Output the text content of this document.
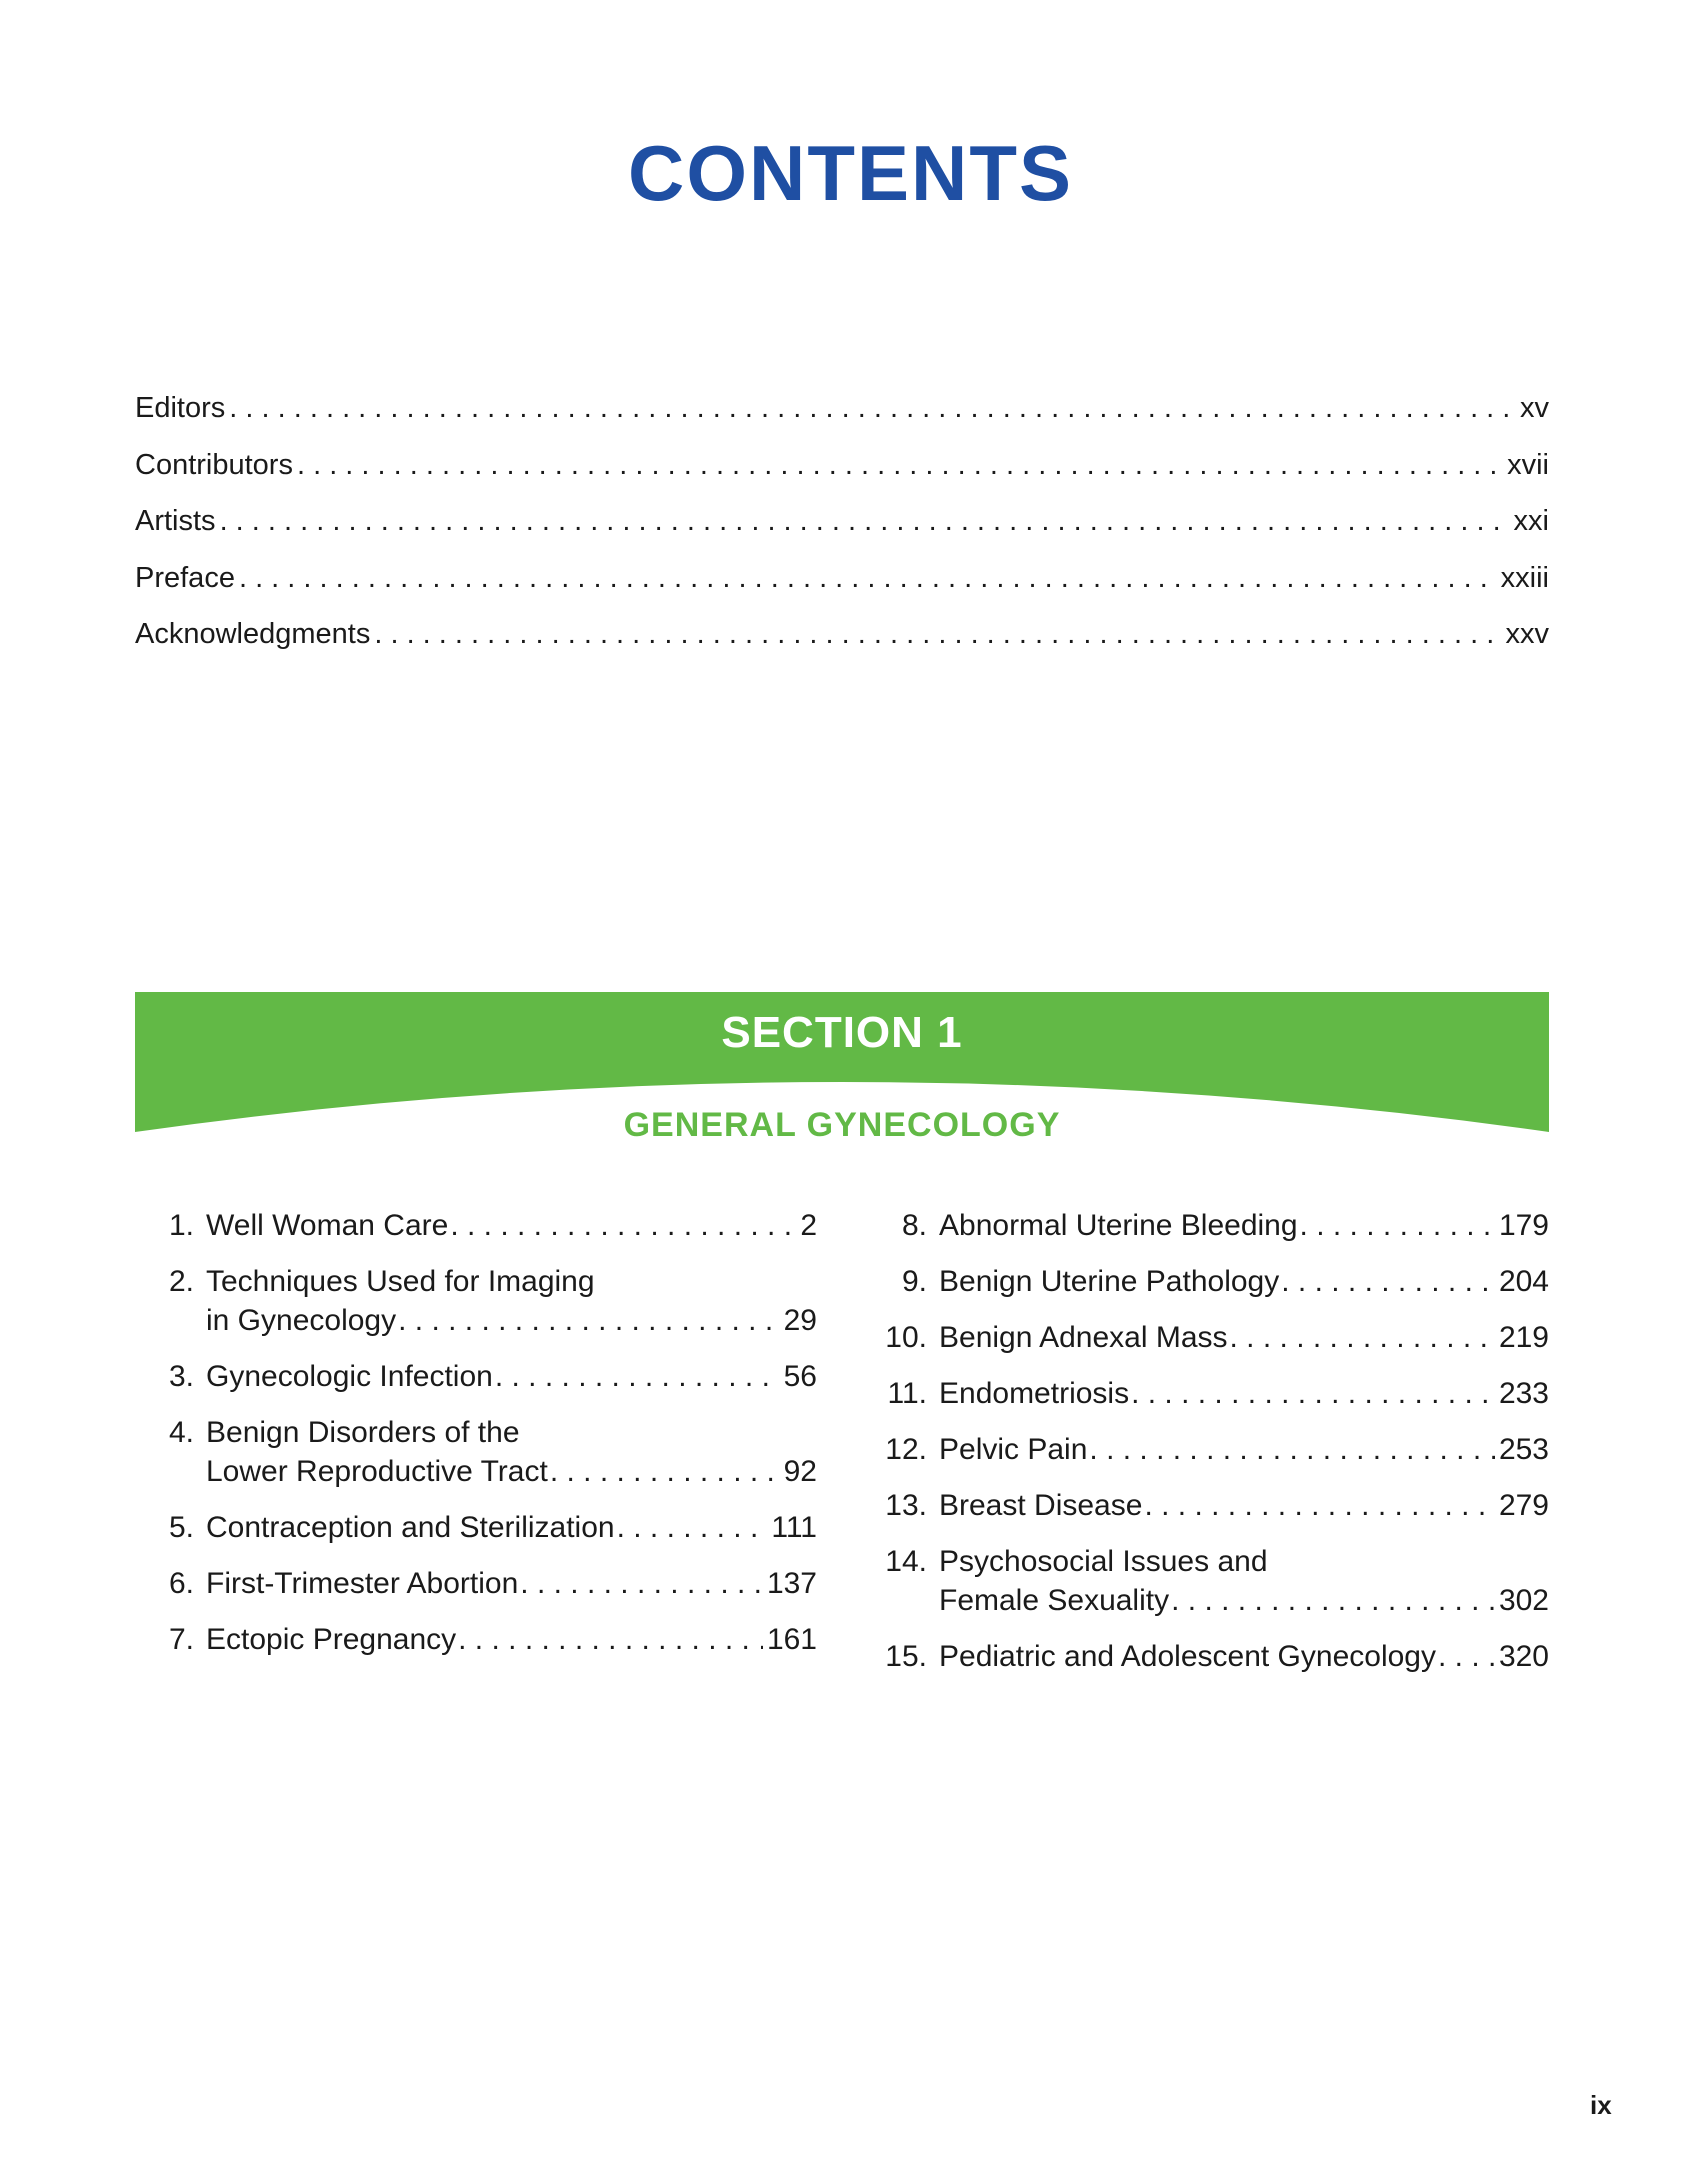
CONTENTS
Editors . . .	xv
Contributors . . .	xvii
Artists . . .	xxi
Preface . . .	xxiii
Acknowledgments . . .	xxv
SECTION 1
GENERAL GYNECOLOGY
1. Well Woman Care . . .	2
2. Techniques Used for Imaging
in Gynecology . . .	29
3. Gynecologic Infection . . .	56
4. Benign Disorders of the
Lower Reproductive Tract . . .	92
5. Contraception and Sterilization . . .	111
6. First-Trimester Abortion . . .	137
7. Ectopic Pregnancy . . .	161
8. Abnormal Uterine Bleeding . . .	179
9. Benign Uterine Pathology . . .	204
10. Benign Adnexal Mass . . .	219
11. Endometriosis . . .	233
12. Pelvic Pain . . .	253
13. Breast Disease . . .	279
14. Psychosocial Issues and
Female Sexuality . . .	302
15. Pediatric and Adolescent Gynecology . . . 320
ix
